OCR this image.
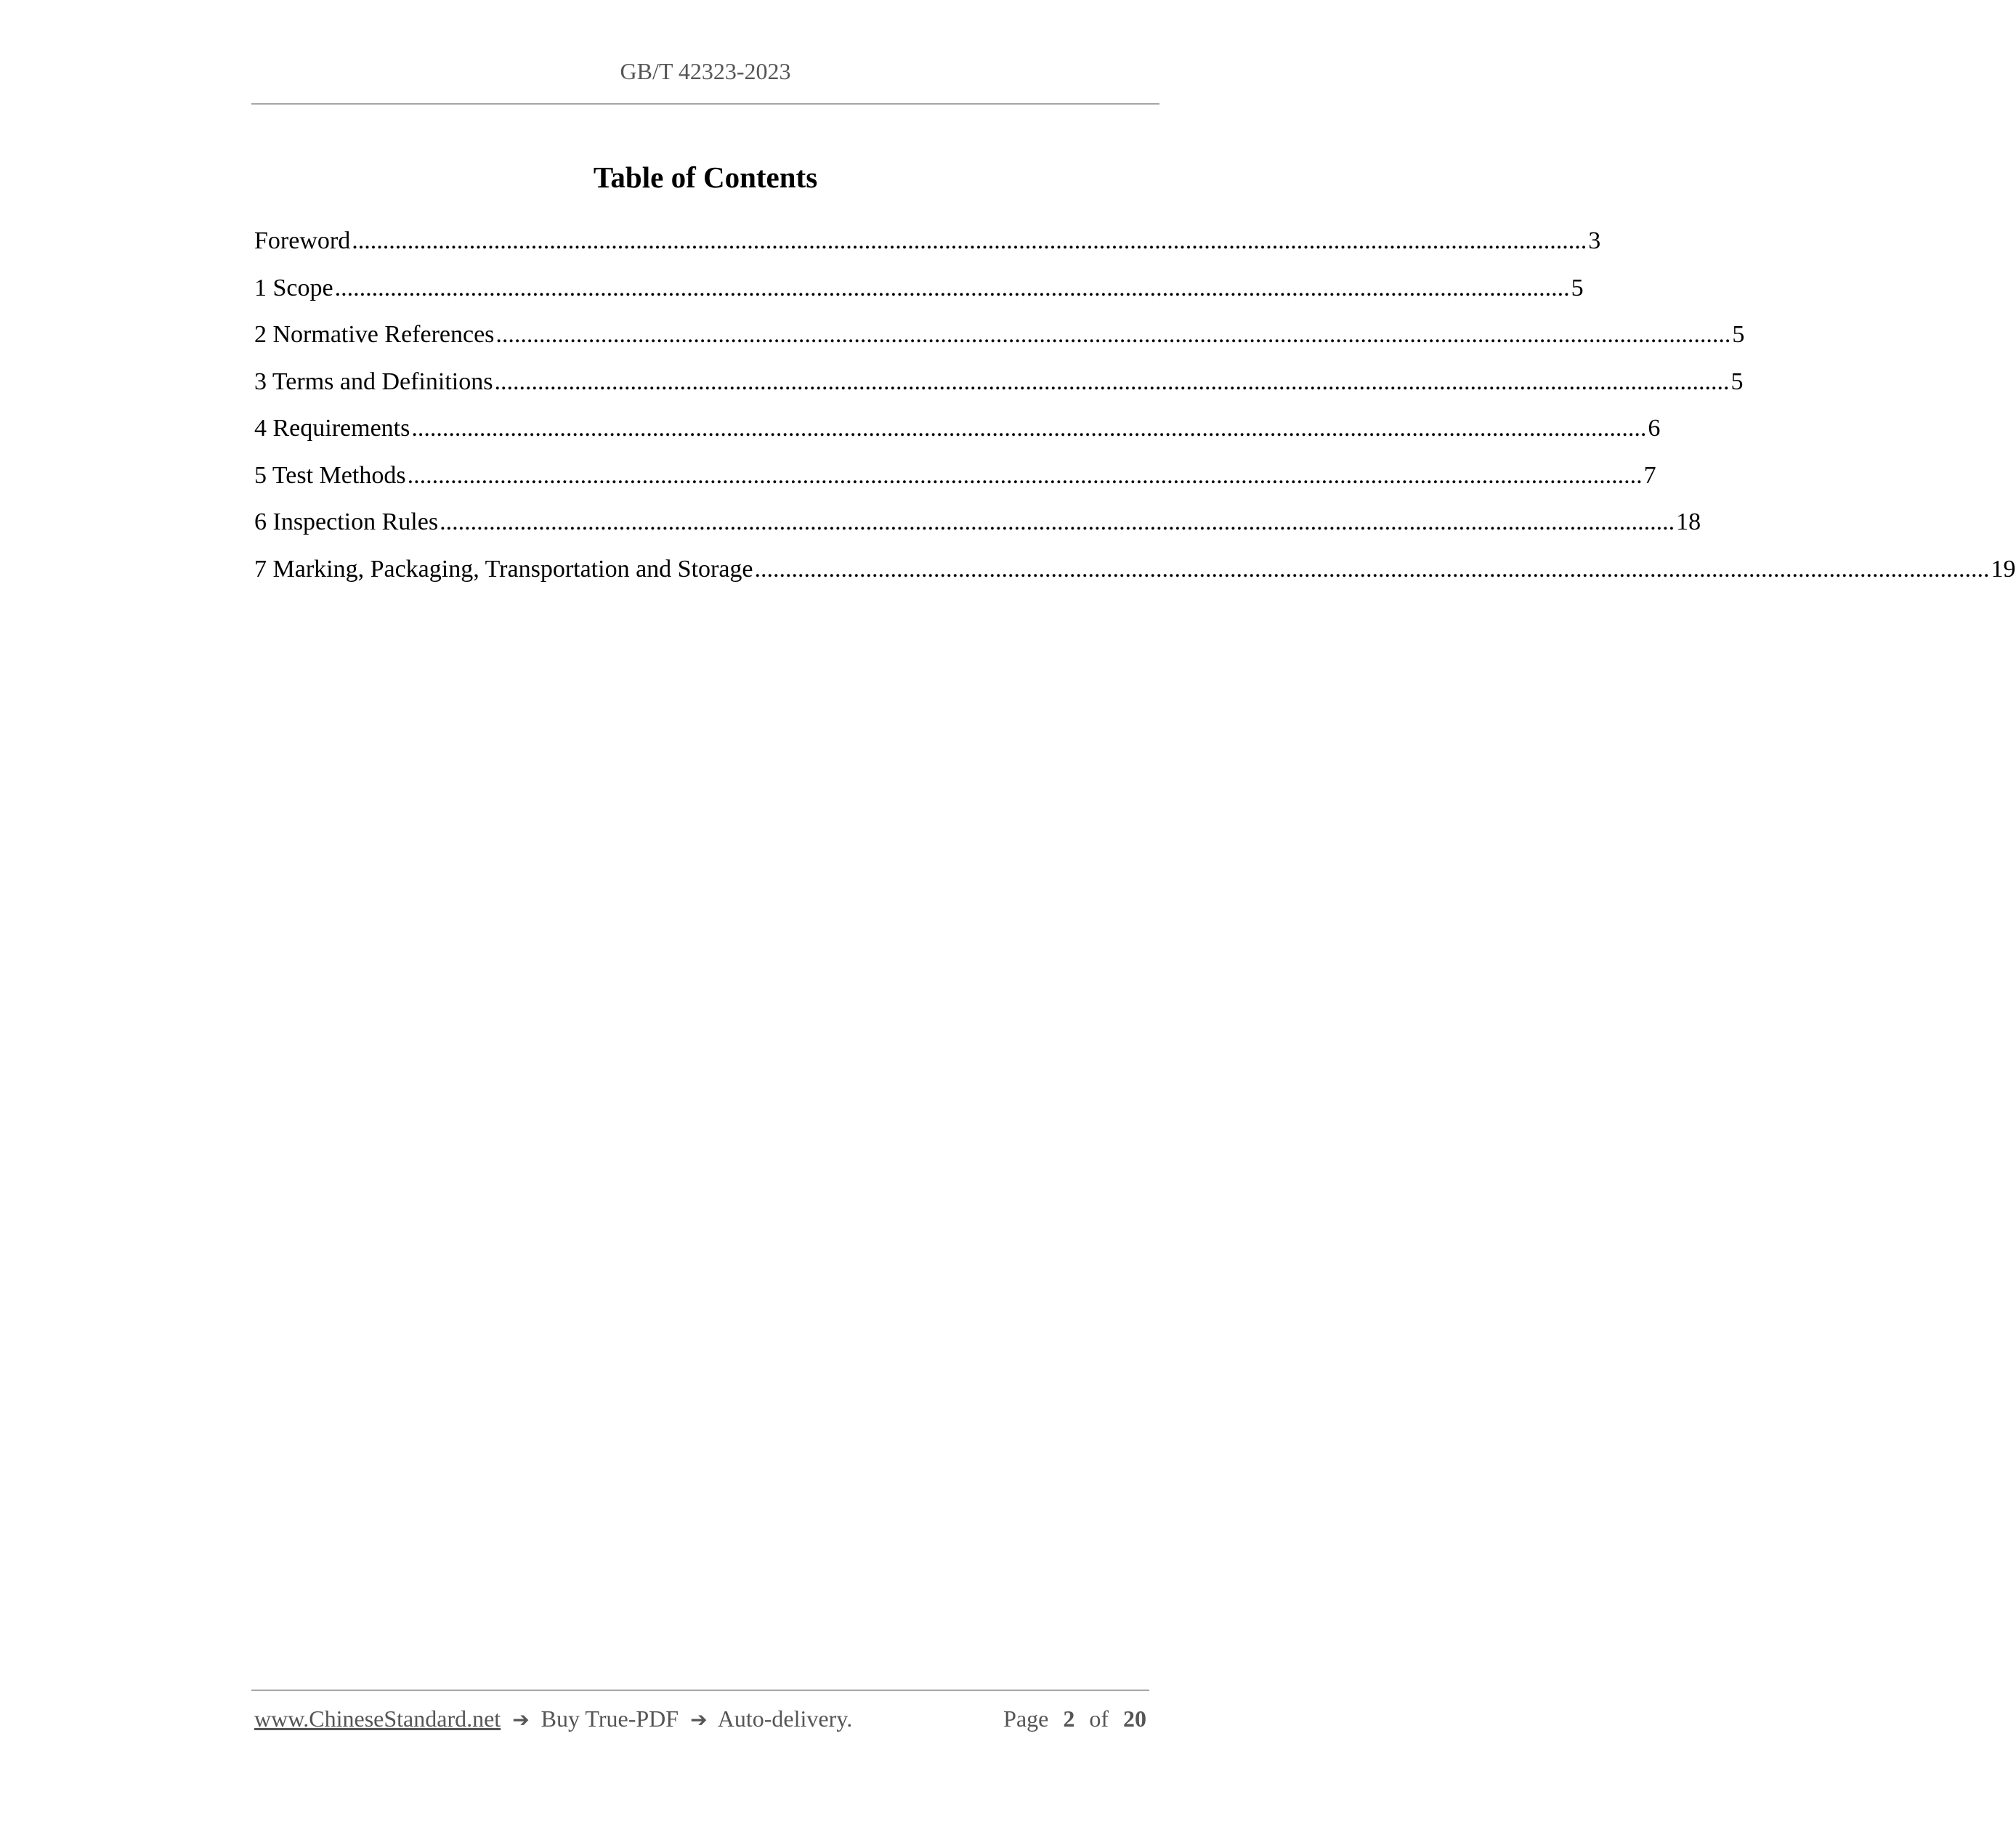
GB/T 42323-2023
Table of Contents
Foreword ........................................................................................................................................................................................................ 3
1 Scope ........................................................................................................................................................................................................ 5
2 Normative References ........................................................................................................................................................................................................ 5
3 Terms and Definitions ........................................................................................................................................................................................................ 5
4 Requirements ........................................................................................................................................................................................................ 6
5 Test Methods ........................................................................................................................................................................................................ 7
6 Inspection Rules ........................................................................................................................................................................................................ 18
7 Marking, Packaging, Transportation and Storage ........................................................................................................................................................................................................ 19
www.ChineseStandard.net ➔ Buy True-PDF ➔ Auto-delivery.	Page 2 of 20
